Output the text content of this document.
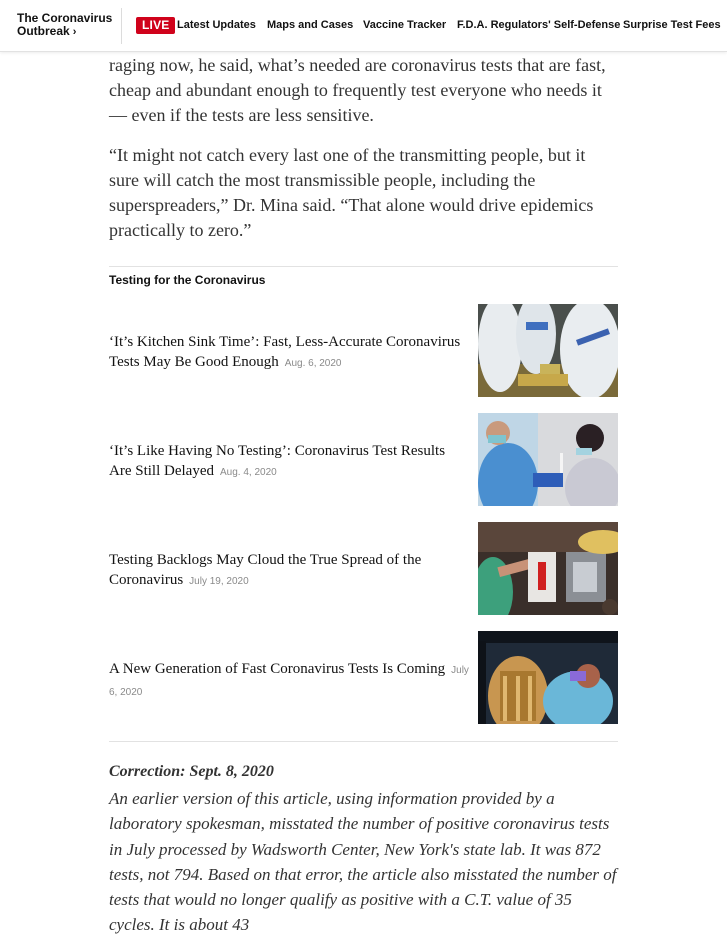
The Coronavirus
Outbreak ›	LIVE Latest Updates Maps and Cases Vaccine Tracker F.D.A. Regulators' Self-Defense Surprise Test Fees

raging now, he said, what’s needed are coronavirus tests that are fast, cheap and abundant enough to frequently test everyone who needs it — even if the tests are less sensitive.

“It might not catch every last one of the transmitting people, but it sure will catch the most transmissible people, including the superspreaders,” Dr. Mina said. “That alone would drive epidemics practically to zero.”

Testing for the Coronavirus
‘It’s Kitchen Sink Time’: Fast, Less-Accurate Coronavirus Tests May Be Good Enough Aug. 6, 2020
‘It’s Like Having No Testing’: Coronavirus Test Results Are Still Delayed Aug. 4, 2020
Testing Backlogs May Cloud the True Spread of the Coronavirus July 19, 2020
A New Generation of Fast Coronavirus Tests Is Coming July 6, 2020
Correction: Sept. 8, 2020

An earlier version of this article, using information provided by a laboratory spokesman, misstated the number of positive coronavirus tests in July processed by Wadsworth Center, New York's state lab. It was 872 tests, not 794. Based on that error, the article also misstated the number of tests that would no longer qualify as positive with a C.T. value of 35 cycles. It is about 43
